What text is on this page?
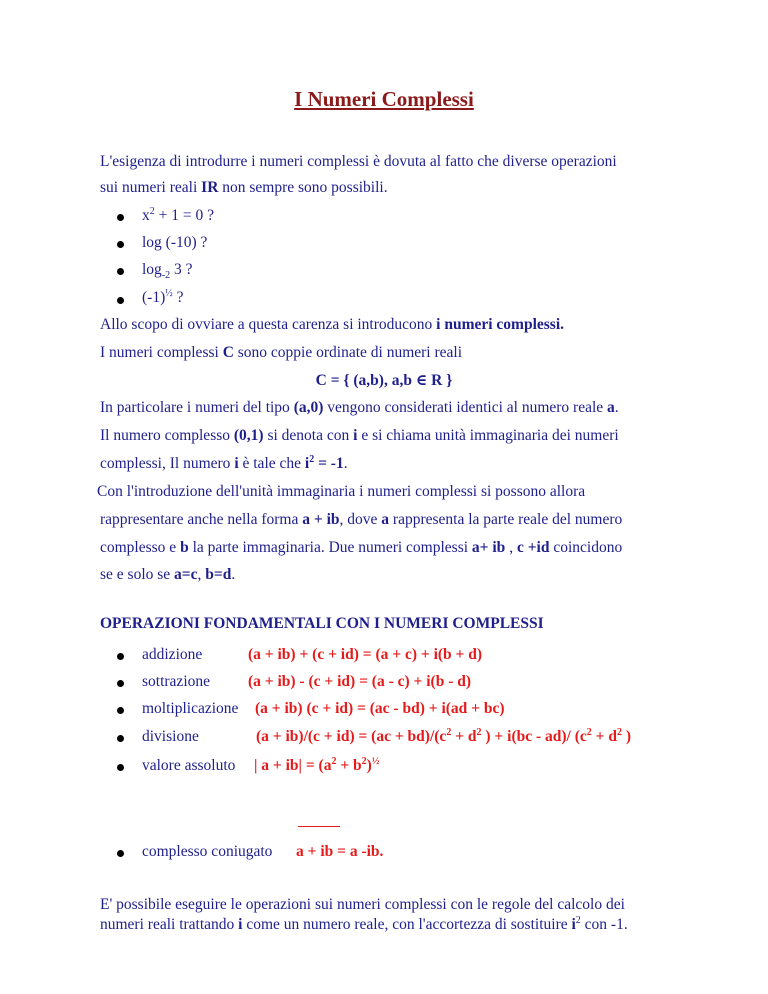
I Numeri Complessi
L'esigenza di introdurre i numeri complessi è dovuta al fatto che diverse operazioni
sui numeri reali IR non sempre sono possibili.
$x^2 + 1 = 0$ ?
log (-10) ?
$\log_{-2} 3$ ?
$(-1)^{\frac{1}{2}}$ ?
Allo scopo di ovviare a questa carenza si introducono i numeri complessi.
I numeri complessi C sono coppie ordinate di numeri reali
C = { (a,b), a,b ∈ R }
In particolare i numeri del tipo (a,0) vengono considerati identici al numero reale a.
Il numero complesso (0,1) si denota con i e si chiama unità immaginaria dei numeri
complessi, Il numero i è tale che $i^2 = -1$.
Con l'introduzione dell'unità immaginaria i numeri complessi si possono allora
rappresentare anche nella forma a + ib, dove a rappresenta la parte reale del numero
complesso e b la parte immaginaria. Due numeri complessi a+ ib , c +id coincidono
se e solo se a=c, b=d.
OPERAZIONI FONDAMENTALI CON I NUMERI COMPLESSI
addizione	(a + ib) + (c + id) = (a + c) + i(b + d)
sottrazione (a + ib) - (c + id) = (a - c) + i(b - d)
moltiplicazione (a + ib) (c + id) = (ac - bd) + i(ad + bc)
divisione	$(a + ib)/(c + id) = (ac + bd)/(c^2 + d^2$ ) + i(bc - ad)/ ($c^2 + d^2$ )
valore assoluto | $a + ib| = (a^2 + b^2)^{\frac{1}{2}}$
complesso coniugato a + ib = a -ib.
E' possibile eseguire le operazioni sui numeri complessi con le regole del calcolo dei
numeri reali trattando i come un numero reale, con l'accortezza di sostituire $i^2$ con -1.
